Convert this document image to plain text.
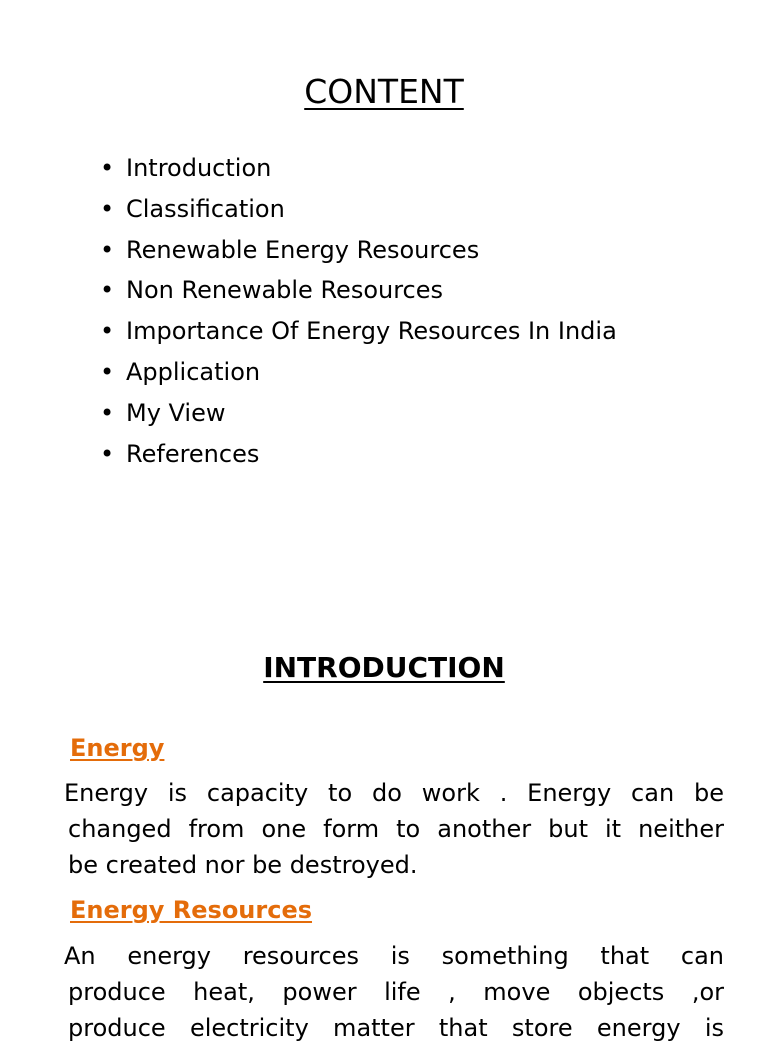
CONTENT
• Introduction
• Classification
• Renewable Energy Resources
• Non Renewable Resources
• Importance Of Energy Resources In India
• Application
• My View
• References
INTRODUCTION
Energy
Energy is capacity to do work . Energy can be
changed from one form to another but it neither
be created nor be destroyed.
Energy Resources
An energy resources is something that can
produce heat, power life , move objects ,or
produce electricity matter that store energy is
